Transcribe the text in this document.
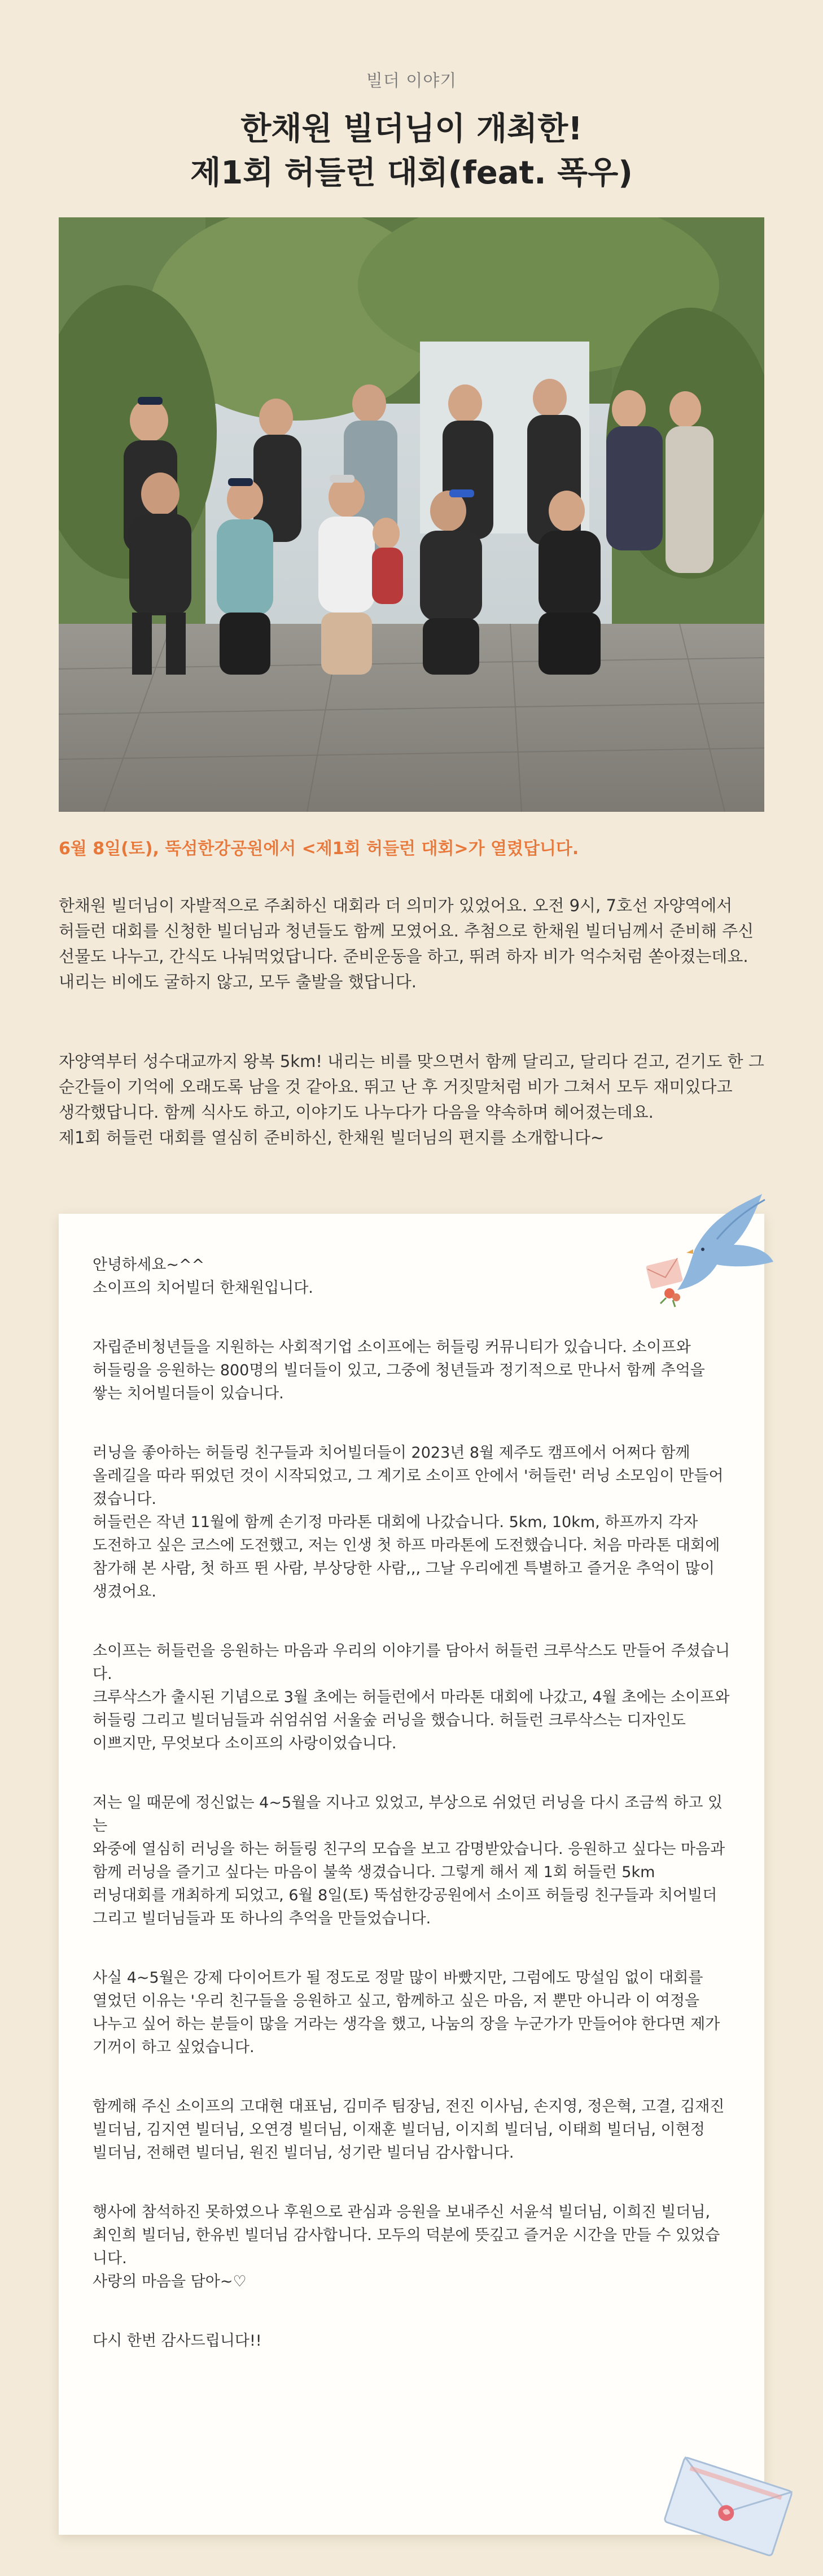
빌더 이야기
한채원 빌더님이 개최한!
제1회 허들런 대회(feat. 폭우)
6월 8일(토), 뚝섬한강공원에서 <제1회 허들런 대회>가 열렸답니다.

한채원 빌더님이 자발적으로 주최하신 대회라 더 의미가 있었어요. 오전 9시, 7호선 자양역에서

허들런 대회를 신청한 빌더님과 청년들도 함께 모였어요. 추첨으로 한채원 빌더님께서 준비해 주신

선물도 나누고, 간식도 나눠먹었답니다. 준비운동을 하고, 뛰려 하자 비가 억수처럼 쏟아졌는데요.

내리는 비에도 굴하지 않고, 모두 출발을 했답니다.

자양역부터 성수대교까지 왕복 5km! 내리는 비를 맞으면서 함께 달리고, 달리다 걷고, 걷기도 한 그

순간들이 기억에 오래도록 남을 것 같아요. 뛰고 난 후 거짓말처럼 비가 그쳐서 모두 재미있다고

생각했답니다. 함께 식사도 하고, 이야기도 나누다가 다음을 약속하며 헤어졌는데요.

제1회 허들런 대회를 열심히 준비하신, 한채원 빌더님의 편지를 소개합니다~

안녕하세요~^^

소이프의 치어빌더 한채원입니다.

자립준비청년들을 지원하는 사회적기업 소이프에는 허들링 커뮤니티가 있습니다. 소이프와

허들링을 응원하는 800명의 빌더들이 있고, 그중에 청년들과 정기적으로 만나서 함께 추억을

쌓는 치어빌더들이 있습니다.

러닝을 좋아하는 허들링 친구들과 치어빌더들이 2023년 8월 제주도 캠프에서 어쩌다 함께

올레길을 따라 뛰었던 것이 시작되었고, 그 계기로 소이프 안에서 '허들런' 러닝 소모임이 만들어졌습니다.

허들런은 작년 11월에 함께 손기정 마라톤 대회에 나갔습니다. 5km, 10km, 하프까지 각자

도전하고 싶은 코스에 도전했고, 저는 인생 첫 하프 마라톤에 도전했습니다. 처음 마라톤 대회에

참가해 본 사람, 첫 하프 뛴 사람, 부상당한 사람,,, 그날 우리에겐 특별하고 즐거운 추억이 많이

생겼어요.

소이프는 허들런을 응원하는 마음과 우리의 이야기를 담아서 허들런 크루삭스도 만들어 주셨습니다.

크루삭스가 출시된 기념으로 3월 초에는 허들런에서 마라톤 대회에 나갔고, 4월 초에는 소이프와

허들링 그리고 빌더님들과 쉬엄쉬엄 서울숲 러닝을 했습니다. 허들런 크루삭스는 디자인도

이쁘지만, 무엇보다 소이프의 사랑이었습니다.

저는 일 때문에 정신없는 4~5월을 지나고 있었고, 부상으로 쉬었던 러닝을 다시 조금씩 하고 있는

와중에 열심히 러닝을 하는 허들링 친구의 모습을 보고 감명받았습니다. 응원하고 싶다는 마음과

함께 러닝을 즐기고 싶다는 마음이 불쑥 생겼습니다. 그렇게 해서 제 1회 허들런 5km

러닝대회를 개최하게 되었고, 6월 8일(토) 뚝섬한강공원에서 소이프 허들링 친구들과 치어빌더

그리고 빌더님들과 또 하나의 추억을 만들었습니다.

사실 4~5월은 강제 다이어트가 될 정도로 정말 많이 바빴지만, 그럼에도 망설임 없이 대회를

열었던 이유는 '우리 친구들을 응원하고 싶고, 함께하고 싶은 마음, 저 뿐만 아니라 이 여정을

나누고 싶어 하는 분들이 많을 거라는 생각을 했고, 나눔의 장을 누군가가 만들어야 한다면 제가

기꺼이 하고 싶었습니다.

함께해 주신 소이프의 고대현 대표님, 김미주 팀장님, 전진 이사님, 손지영, 정은혁, 고결, 김재진

빌더님, 김지연 빌더님, 오연경 빌더님, 이재훈 빌더님, 이지희 빌더님, 이태희 빌더님, 이현정

빌더님, 전해련 빌더님, 원진 빌더님, 성기란 빌더님 감사합니다.

행사에 참석하진 못하였으나 후원으로 관심과 응원을 보내주신 서윤석 빌더님, 이희진 빌더님,

최인희 빌더님, 한유빈 빌더님 감사합니다. 모두의 덕분에 뜻깊고 즐거운 시간을 만들 수 있었습니다.

사랑의 마음을 담아~♡

다시 한번 감사드립니다!!
